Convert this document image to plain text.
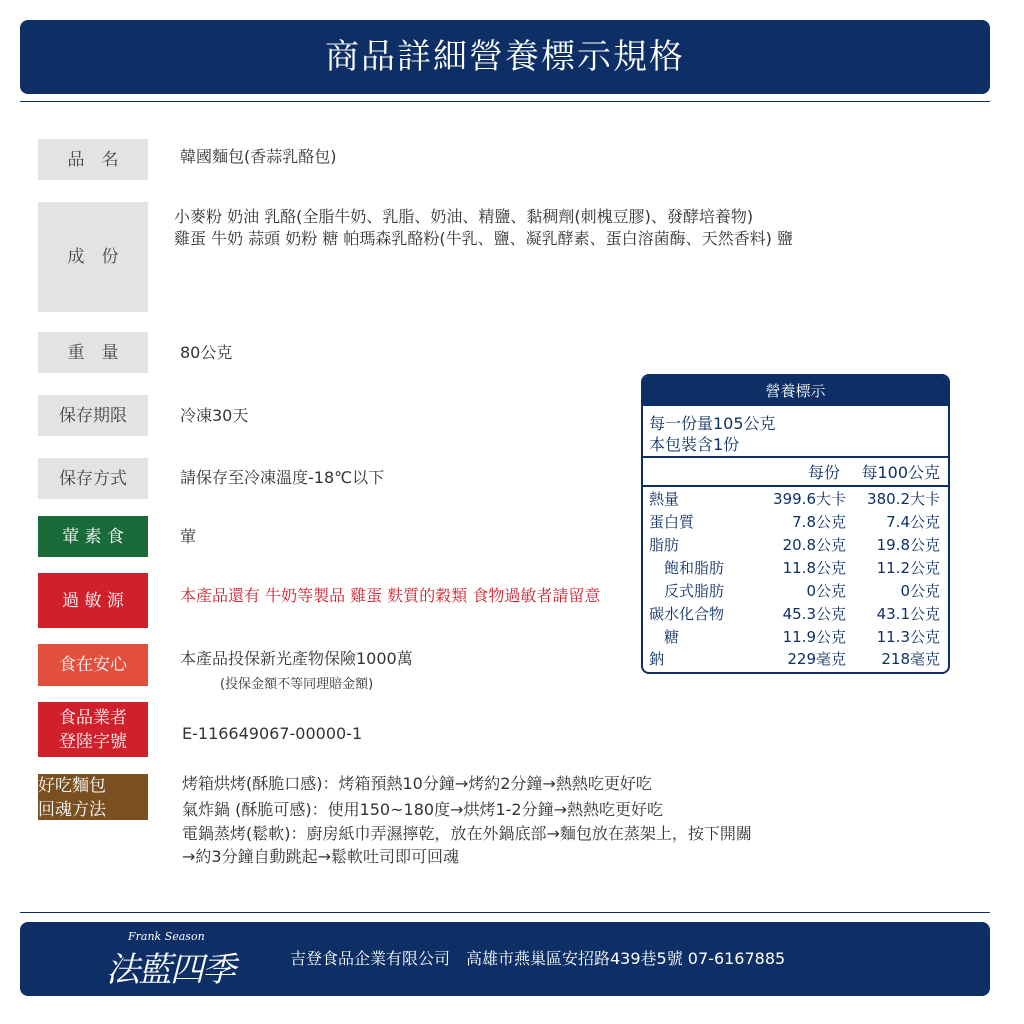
商品詳細營養標示規格
品　名	韓國麵包(香蒜乳酪包)
成　份
小麥粉 奶油 乳酪(全脂牛奶、乳脂、奶油、精鹽、黏稠劑(刺槐豆膠)、發酵培養物)
雞蛋 牛奶 蒜頭 奶粉 糖 帕瑪森乳酪粉(牛乳、鹽、凝乳酵素、蛋白溶菌酶、天然香料) 鹽
重　量	80公克
保存期限	冷凍30天
保存方式	請保存至冷凍溫度-18℃以下
葷 素 食	葷
過 敏 源	本產品還有 牛奶等製品 雞蛋 麩質的穀類 食物過敏者請留意
食在安心	本產品投保新光產物保險1000萬
(投保金額不等同理賠金額)
食品業者
登陸字號	E-116649067-00000-1
好吃麵包
回魂方法
烤箱烘烤(酥脆口感)：烤箱預熱10分鐘→烤約2分鐘→熱熱吃更好吃
氣炸鍋 (酥脆可感)：使用150~180度→烘烤1-2分鐘→熱熱吃更好吃
電鍋蒸烤(鬆軟)：廚房紙巾弄濕擰乾，放在外鍋底部→麵包放在蒸架上，按下開關
→約3分鐘自動跳起→鬆軟吐司即可回魂
營養標示
每一份量105公克
本包裝含1份
每份 每100公克
熱量	399.6大卡 380.2大卡
蛋白質	7.8公克	7.4公克
脂肪	20.8公克 19.8公克
　飽和脂肪	11.8公克 11.2公克
　反式脂肪	0公克	0公克
碳水化合物	45.3公克 43.1公克
　糖	11.9公克 11.3公克
鈉	229毫克 218毫克
Frank Season
法藍四季	吉登食品企業有限公司　高雄市燕巢區安招路439巷5號 07-6167885
